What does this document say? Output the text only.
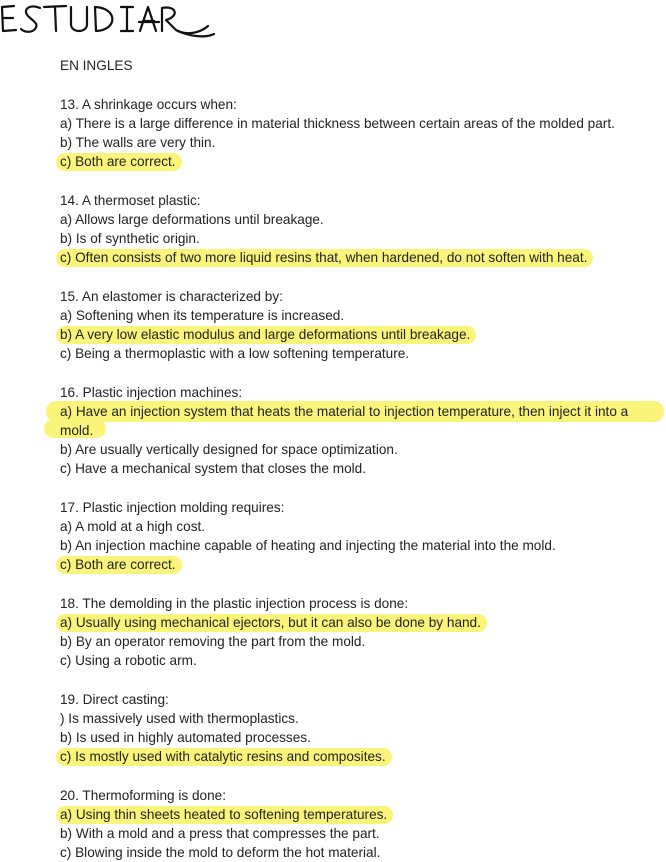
EN INGLES
13. A shrinkage occurs when:
a) There is a large difference in material thickness between certain areas of the molded part.
b) The walls are very thin.
c) Both are correct.
14. A thermoset plastic:
a) Allows large deformations until breakage.
b) Is of synthetic origin.
c) Often consists of two more liquid resins that, when hardened, do not soften with heat.
15. An elastomer is characterized by:
a) Softening when its temperature is increased.
b) A very low elastic modulus and large deformations until breakage.
c) Being a thermoplastic with a low softening temperature.
16. Plastic injection machines:
a) Have an injection system that heats the material to injection temperature, then inject it into a
mold.
b) Are usually vertically designed for space optimization.
c) Have a mechanical system that closes the mold.
17. Plastic injection molding requires:
a) A mold at a high cost.
b) An injection machine capable of heating and injecting the material into the mold.
c) Both are correct.
18. The demolding in the plastic injection process is done:
a) Usually using mechanical ejectors, but it can also be done by hand.
b) By an operator removing the part from the mold.
c) Using a robotic arm.
19. Direct casting:
) Is massively used with thermoplastics.
b) Is used in highly automated processes.
c) Is mostly used with catalytic resins and composites.
20. Thermoforming is done:
a) Using thin sheets heated to softening temperatures.
b) With a mold and a press that compresses the part.
c) Blowing inside the mold to deform the hot material.
